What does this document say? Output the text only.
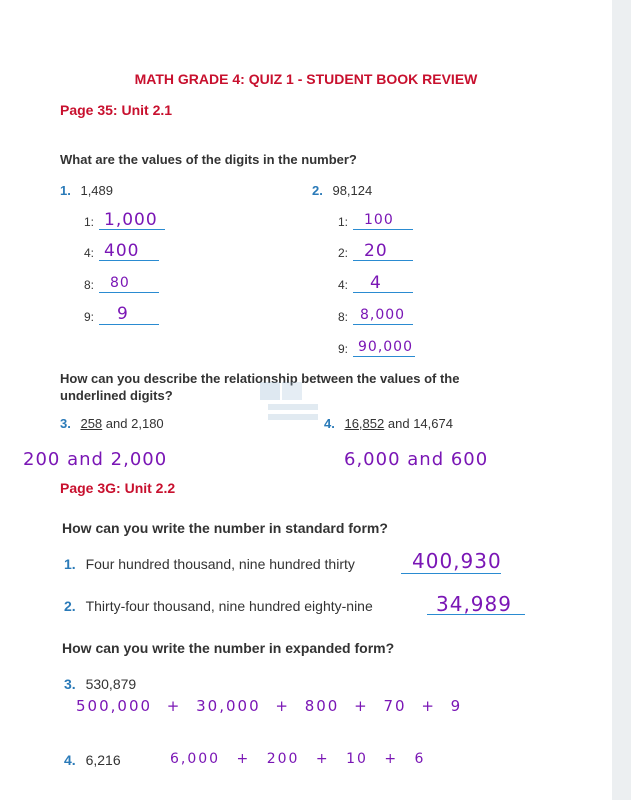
MATH GRADE 4: QUIZ 1 - STUDENT BOOK REVIEW
Page 35: Unit 2.1
What are the values of the digits in the number?
1. 1,489	2. 98,124
1: 1,000
4: 400
8: 80
9: 9
1: 100
2: 20
4: 4
8: 8,000
9: 90,000
How can you describe the relationship between the values of the
underlined digits?
3. 258 and 2,180	4. 16,852 and 14,674
200 and 2,000	6,000 and 600
Page 3G: Unit 2.2
How can you write the number in standard form?
1. Four hundred thousand, nine hundred thirty	400,930
2. Thirty-four thousand, nine hundred eighty-nine	34,989
How can you write the number in expanded form?
3. 530,879
500,000 + 30,000 + 800 + 70 + 9
4. 6,216	6,000 + 200 + 10 + 6
